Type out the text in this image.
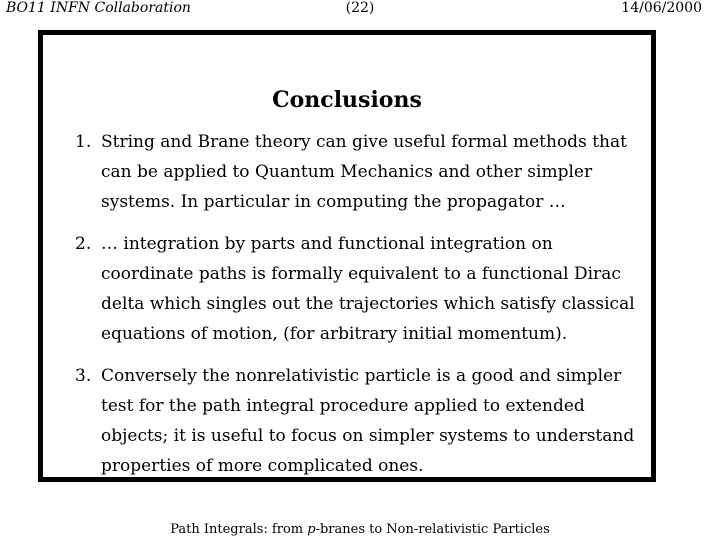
BO11 INFN Collaboration	(22)	14/06/2000
Conclusions
1. String and Brane theory can give useful formal methods that can be applied to Quantum Mechanics and other simpler systems. In particular in computing the propagator …
2. … integration by parts and functional integration on coordinate paths is formally equivalent to a functional Dirac delta which singles out the trajectories which satisfy classical equations of motion, (for arbitrary initial momentum).
3. Conversely the nonrelativistic particle is a good and simpler test for the path integral procedure applied to extended objects; it is useful to focus on simpler systems to understand properties of more complicated ones.
Path Integrals: from p-branes to Non-relativistic Particles
